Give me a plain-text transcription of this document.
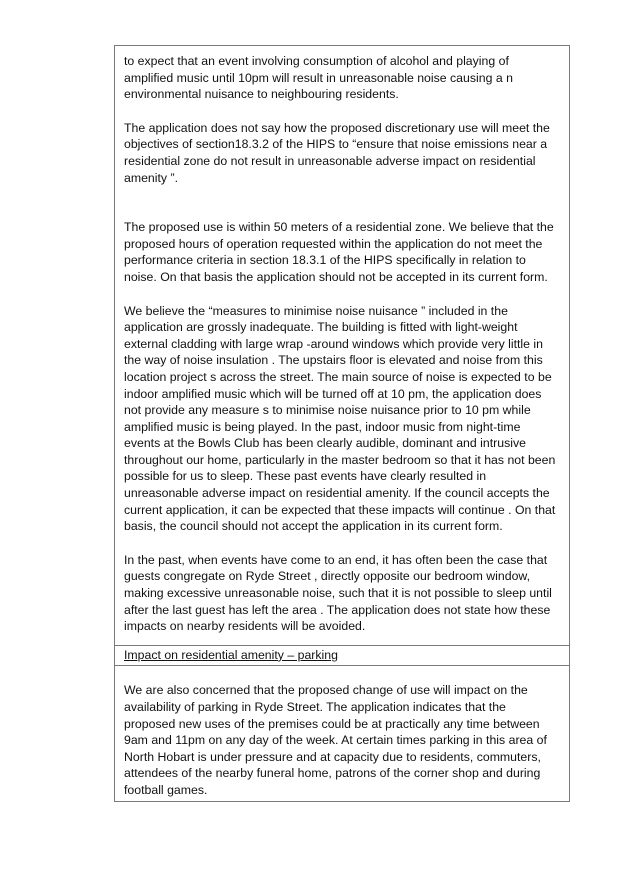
to expect that an event involving consumption of alcohol and playing of amplified music until 10pm will result in unreasonable noise causing a n environmental nuisance to neighbouring residents.

The application does not say how the proposed discretionary use will meet the objectives of section18.3.2 of the HIPS to “ensure that noise emissions near a residential zone do not result in unreasonable adverse impact on residential amenity ”.

The proposed use is within 50 meters of a residential zone. We believe that the proposed hours of operation requested within the application do not meet the performance criteria in section 18.3.1 of the HIPS specifically in relation to noise. On that basis the application should not be accepted in its current form.

We believe the “measures to minimise noise nuisance ” included in the application are grossly inadequate. The building is fitted with light-weight external cladding with large wrap -around windows which provide very little in the way of noise insulation . The upstairs floor is elevated and noise from this location project s across the street. The main source of noise is expected to be indoor amplified music which will be turned off at 10 pm, the application does not provide any measure s to minimise noise nuisance prior to 10 pm while amplified music is being played. In the past, indoor music from night-time events at the Bowls Club has been clearly audible, dominant and intrusive throughout our home, particularly in the master bedroom so that it has not been possible for us to sleep. These past events have clearly resulted in unreasonable adverse impact on residential amenity. If the council accepts the current application, it can be expected that these impacts will continue . On that basis, the council should not accept the application in its current form.

In the past, when events have come to an end, it has often been the case that guests congregate on Ryde Street , directly opposite our bedroom window, making excessive unreasonable noise, such that it is not possible to sleep until after the last guest has left the area . The application does not state how these impacts on nearby residents will be avoided.

Impact on residential amenity – parking

We are also concerned that the proposed change of use will impact on the availability of parking in Ryde Street. The application indicates that the proposed new uses of the premises could be at practically any time between 9am and 11pm on any day of the week. At certain times parking in this area of North Hobart is under pressure and at capacity due to residents, commuters, attendees of the nearby funeral home, patrons of the corner shop and during football games.
